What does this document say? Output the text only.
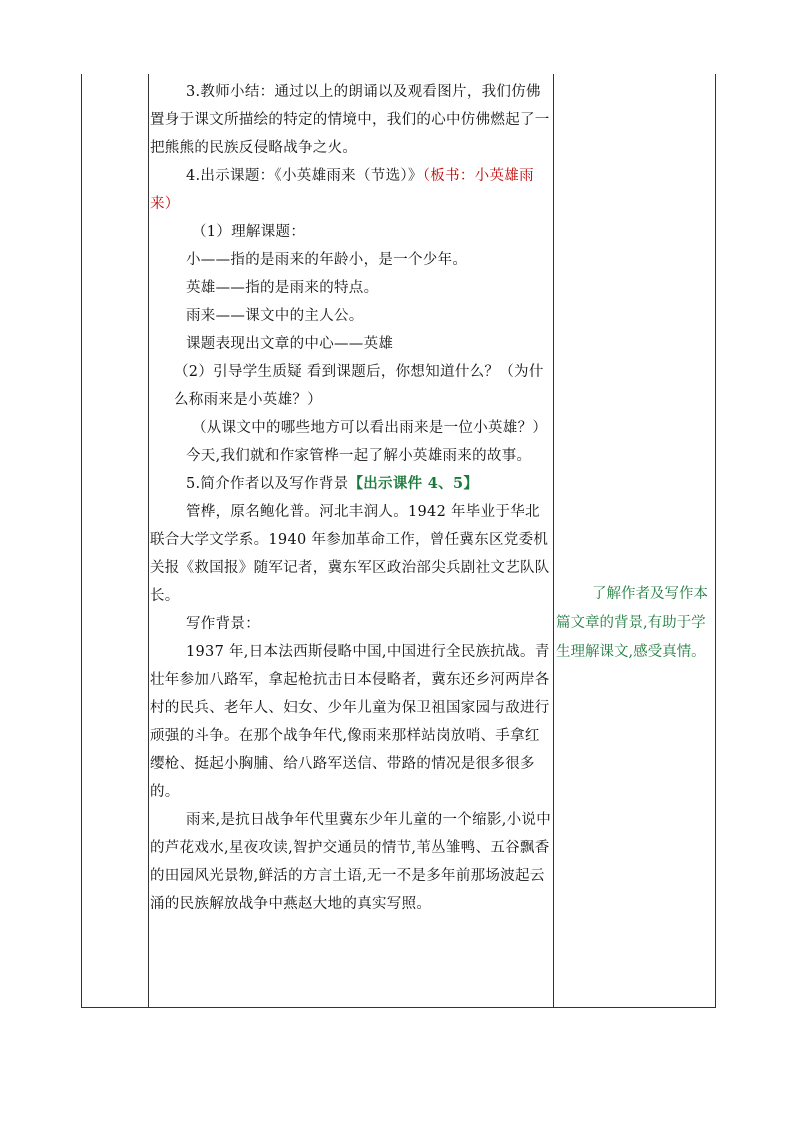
3.教师小结：通过以上的朗诵以及观看图片，我们仿佛置身于课文所描绘的特定的情境中，我们的心中仿佛燃起了一把熊熊的民族反侵略战争之火。

4.出示课题：《小英雄雨来（节选）》（板书：小英雄雨来）

（1）理解课题：

小——指的是雨来的年龄小，是一个少年。

英雄——指的是雨来的特点。

雨来——课文中的主人公。

课题表现出文章的中心——英雄

（2）引导学生质疑 看到课题后，你想知道什么？（为什么称雨来是小英雄？）

（从课文中的哪些地方可以看出雨来是一位小英雄？）

今天,我们就和作家管桦一起了解小英雄雨来的故事。

5.简介作者以及写作背景【出示课件 4、5】

管桦，原名鲍化普。河北丰润人。1942 年毕业于华北联合大学文学系。1940 年参加革命工作，曾任冀东区党委机关报《救国报》随军记者，冀东军区政治部尖兵剧社文艺队队长。

写作背景：

1937 年,日本法西斯侵略中国,中国进行全民族抗战。青壮年参加八路军，拿起枪抗击日本侵略者，冀东还乡河两岸各村的民兵、老年人、妇女、少年儿童为保卫祖国家园与敌进行顽强的斗争。在那个战争年代,像雨来那样站岗放哨、手拿红缨枪、挺起小胸脯、给八路军送信、带路的情况是很多很多的。

雨来,是抗日战争年代里冀东少年儿童的一个缩影,小说中的芦花戏水,星夜攻读,智护交通员的情节,苇丛雏鸭、五谷飘香的田园风光景物,鲜活的方言土语,无一不是多年前那场波起云涌的民族解放战争中燕赵大地的真实写照。

了解作者及写作本篇文章的背景,有助于学生理解课文,感受真情。
